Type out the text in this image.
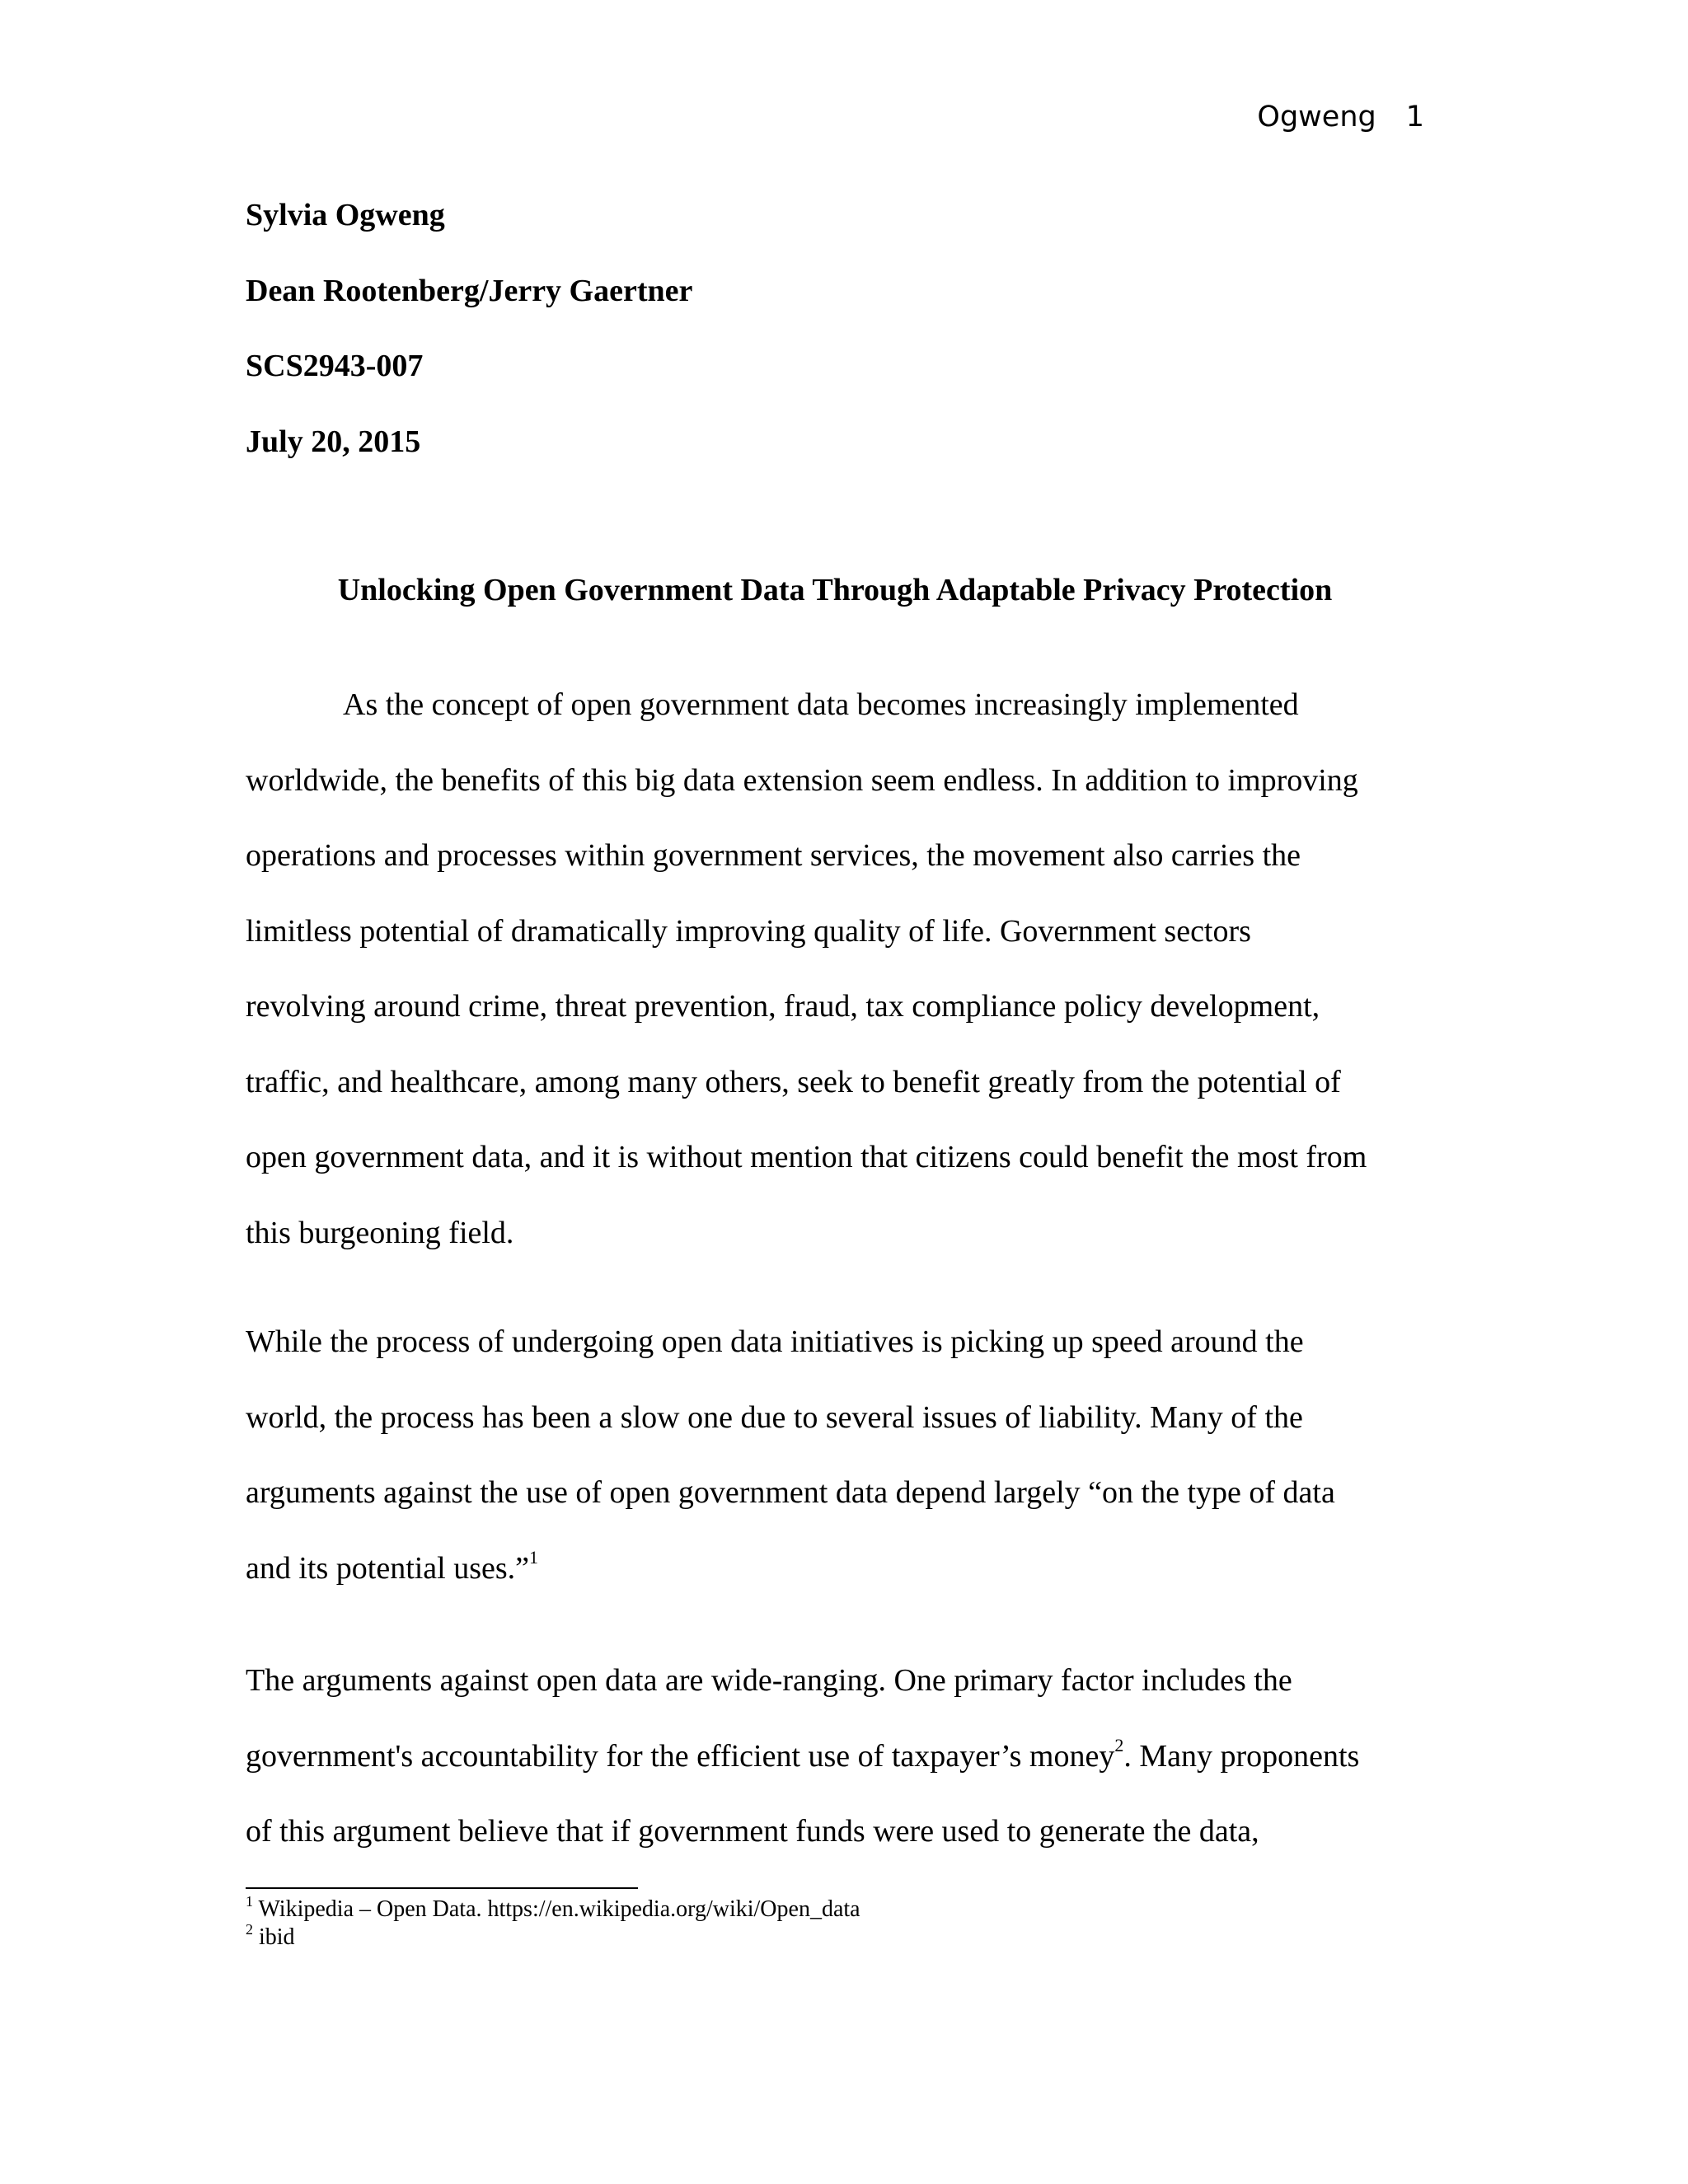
Ogweng 1
Sylvia Ogweng
Dean Rootenberg/Jerry Gaertner
SCS2943-007
July 20, 2015
Unlocking Open Government Data Through Adaptable Privacy Protection
As the concept of open government data becomes increasingly implemented
worldwide, the benefits of this big data extension seem endless. In addition to improving
operations and processes within government services, the movement also carries the
limitless potential of dramatically improving quality of life. Government sectors
revolving around crime, threat prevention, fraud, tax compliance policy development,
traffic, and healthcare, among many others, seek to benefit greatly from the potential of
open government data, and it is without mention that citizens could benefit the most from
this burgeoning field.
While the process of undergoing open data initiatives is picking up speed around the
world, the process has been a slow one due to several issues of liability. Many of the
arguments against the use of open government data depend largely “on the type of data
and its potential uses.”$^1$
The arguments against open data are wide-ranging. One primary factor includes the
government's accountability for the efficient use of taxpayer’s money$^2$. Many proponents
of this argument believe that if government funds were used to generate the data,
$^1$ Wikipedia – Open Data. https://en.wikipedia.org/wiki/Open_data
$^2$ ibid
